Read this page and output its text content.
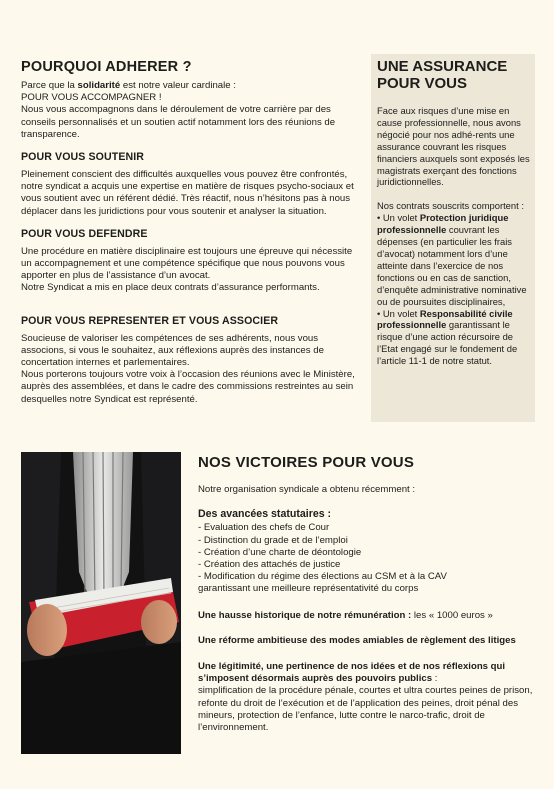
POURQUOI ADHERER ?

Parce que la solidarité est notre valeur cardinale :

POUR VOUS ACCOMPAGNER !

Nous vous accompagnons dans le déroulement de votre carrière par des conseils personnalisés et un soutien actif notamment lors des réunions de transparence.

POUR VOUS SOUTENIR

Pleinement conscient des difficultés auxquelles vous pouvez être confrontés, notre syndicat a acquis une expertise en matière de risques psycho-sociaux et vous soutient avec un référent dédié. Très réactif, nous n’hésitons pas à nous déplacer dans les juridictions pour vous soutenir et analyser la situation.

POUR VOUS DEFENDRE

Une procédure en matière disciplinaire est toujours une épreuve qui nécessite un accompagnement et une compétence spécifique que nous pouvons vous apporter en plus de l’assistance d’un avocat.

Notre Syndicat a mis en place deux contrats d’assurance performants.

POUR VOUS REPRESENTER ET VOUS ASSOCIER

Soucieuse de valoriser les compétences de ses adhérents, nous vous associons, si vous le souhaitez, aux réflexions auprès des instances de concertation internes et parlementaires.

Nous porterons toujours votre voix à l’occasion des réunions avec le Ministère, auprès des assemblées, et dans le cadre des commissions restreintes au sein desquelles notre Syndicat est représenté.

UNE ASSURANCE
POUR VOUS

Face aux risques d’une mise en cause professionnelle, nous avons négocié pour nos adhé-rents une assurance couvrant les risques financiers auxquels sont exposés les magistrats exerçant des fonctions juridictionnelles.

Nos contrats souscrits comportent :

• Un volet Protection juridique professionnelle couvrant les dépenses (en particulier les frais d’avocat) notamment lors d’une atteinte dans l’exercice de nos fonctions ou en cas de sanction, d’enquête administrative nominative ou de poursuites disciplinaires,

• Un volet Responsabilité civile professionnelle garantissant le risque d’une action récursoire de l’Etat engagé sur le fondement de l’article 11-1 de notre statut.

NOS VICTOIRES POUR VOUS

Notre organisation syndicale a obtenu récemment :

Des avancées statutaires :

- Evaluation des chefs de Cour
- Distinction du grade et de l’emploi
- Création d’une charte de déontologie
- Création des attachés de justice
- Modification du régime des élections au CSM et à la CAV
garantissant une meilleure représentativité du corps

Une hausse historique de notre rémunération : les « 1000 euros »

Une réforme ambitieuse des modes amiables de règlement des litiges

Une légitimité, une pertinence de nos idées et de nos réflexions qui s’imposent désormais auprès des pouvoirs publics :
simplification de la procédure pénale, courtes et ultra courtes peines de prison, refonte du droit de l’exécution et de l’application des peines, droit pénal des mineurs, protection de l’enfance, lutte contre le narco-trafic, droit de l’environnement.
